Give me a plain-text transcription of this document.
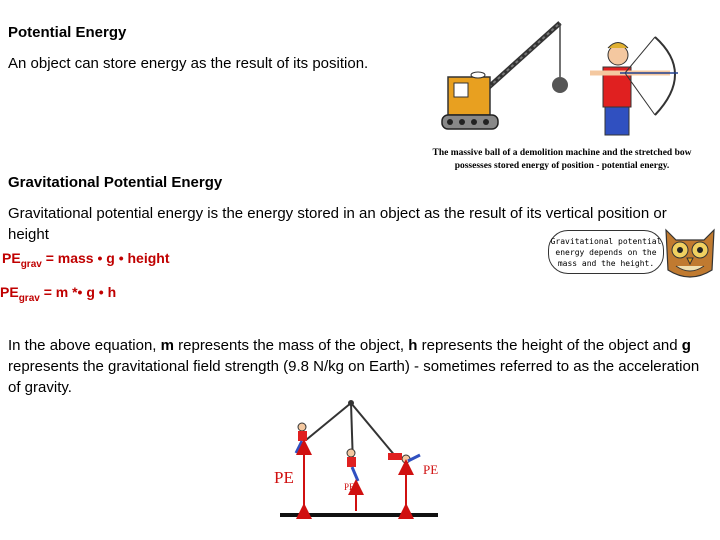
Potential Energy
An object can store energy as the result of its position.
The massive ball of a demolition machine and the stretched bow
possesses stored energy of position - potential energy.
Gravitational Potential Energy
Gravitational potential energy is the energy stored in an object as the result of its vertical position or height	Gravitational potential
energy depends on the
mass and the height.
$PE_{grav}$ = mass • g • height
$PE_{grav} = m$ *• g • h
In the above equation, m represents the mass of the object, h represents the height of the object and g represents the gravitational field strength (9.8 N/kg on Earth) - sometimes referred to as the acceleration of gravity.
PE	PE
PE
